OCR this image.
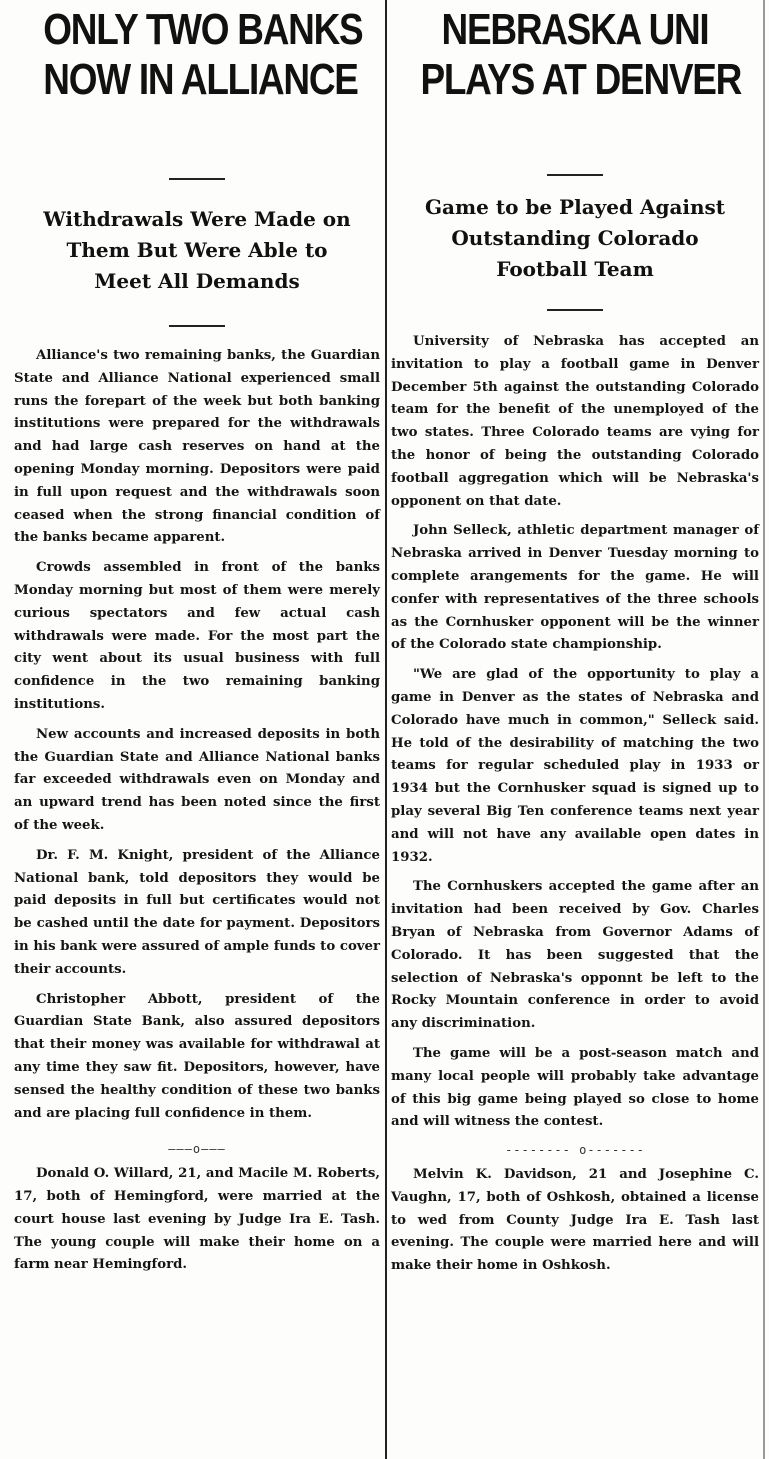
ONLY TWO BANKS
NOW IN ALLIANCE
Withdrawals Were Made on
Them But Were Able to
Meet All Demands

Alliance's two remaining banks, the Guardian State and Alliance National experienced small runs the forepart of the week but both banking institutions were prepared for the withdrawals and had large cash reserves on hand at the opening Monday morning. Depositors were paid in full upon request and the withdrawals soon ceased when the strong financial condition of the banks became apparent.

Crowds assembled in front of the banks Monday morning but most of them were merely curious spectators and few actual cash withdrawals were made. For the most part the city went about its usual business with full confidence in the two remaining banking institutions.

New accounts and increased deposits in both the Guardian State and Alliance National banks far exceeded withdrawals even on Monday and an upward trend has been noted since the first of the week.

Dr. F. M. Knight, president of the Alliance National bank, told depositors they would be paid deposits in full but certificates would not be cashed until the date for payment. Depositors in his bank were assured of ample funds to cover their accounts.

Christopher Abbott, president of the Guardian State Bank, also assured depositors that their money was available for withdrawal at any time they saw fit. Depositors, however, have sensed the healthy condition of these two banks and are placing full confidence in them.

———o———

Donald O. Willard, 21, and Macile M. Roberts, 17, both of Hemingford, were married at the court house last evening by Judge Ira E. Tash. The young couple will make their home on a farm near Hemingford.

NEBRASKA UNI
PLAYS AT DENVER
Game to be Played Against
Outstanding Colorado
Football Team

University of Nebraska has accepted an invitation to play a football game in Denver December 5th against the outstanding Colorado team for the benefit of the unemployed of the two states. Three Colorado teams are vying for the honor of being the outstanding Colorado football aggregation which will be Nebraska's opponent on that date.

John Selleck, athletic department manager of Nebraska arrived in Denver Tuesday morning to complete arangements for the game. He will confer with representatives of the three schools as the Cornhusker opponent will be the winner of the Colorado state championship.

"We are glad of the opportunity to play a game in Denver as the states of Nebraska and Colorado have much in common," Selleck said. He told of the desirability of matching the two teams for regular scheduled play in 1933 or 1934 but the Cornhusker squad is signed up to play several Big Ten conference teams next year and will not have any available open dates in 1932.

The Cornhuskers accepted the game after an invitation had been received by Gov. Charles Bryan of Nebraska from Governor Adams of Colorado. It has been suggested that the selection of Nebraska's opponnt be left to the Rocky Mountain conference in order to avoid any discrimination.

The game will be a post-season match and many local people will probably take advantage of this big game being played so close to home and will witness the contest.

-------- o-------

Melvin K. Davidson, 21 and Josephine C. Vaughn, 17, both of Oshkosh, obtained a license to wed from County Judge Ira E. Tash last evening. The couple were married here and will make their home in Oshkosh.
